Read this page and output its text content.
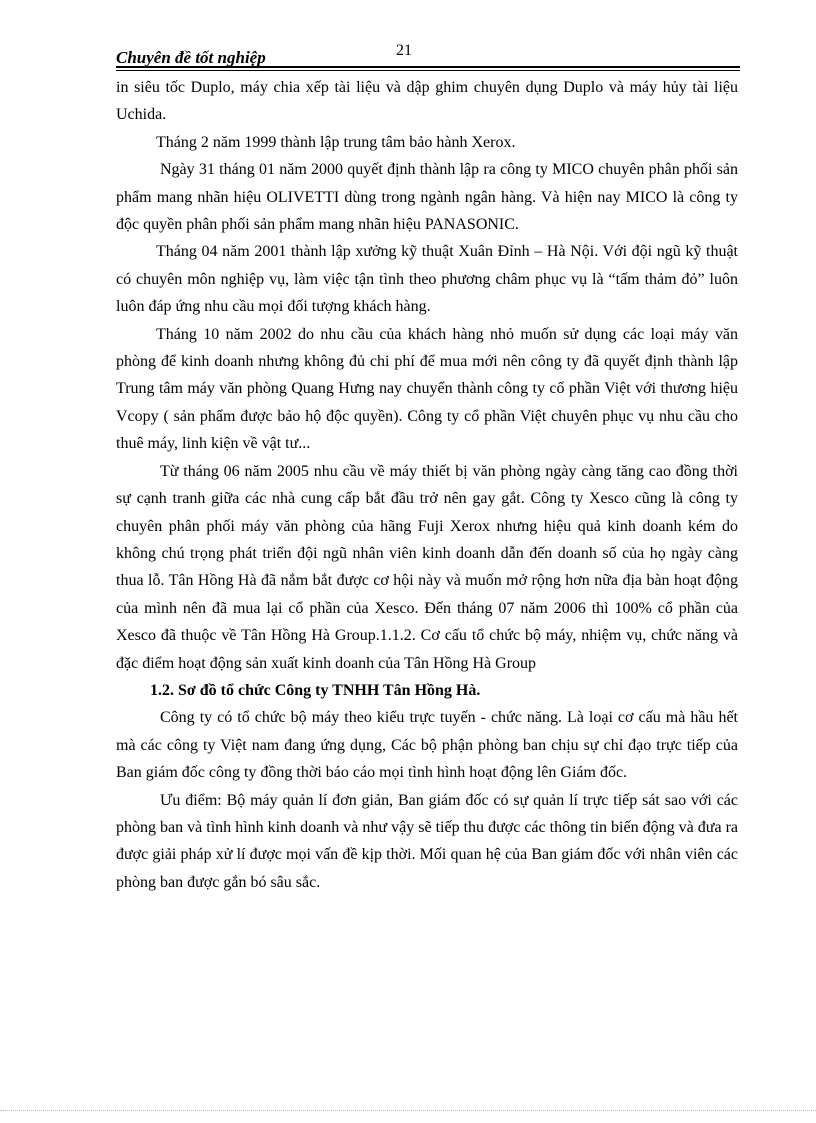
Chuyên đề tốt nghiệp	21

in siêu tốc Duplo, máy chia xếp tài liệu và dập ghim chuyên dụng Duplo và máy hủy tài liệu Uchida.

Tháng 2 năm 1999 thành lập trung tâm bảo hành Xerox.

Ngày 31 tháng 01 năm 2000 quyết định thành lập ra công ty MICO chuyên phân phối sản phẩm mang nhãn hiệu OLIVETTI dùng trong ngành ngân hàng. Và hiện nay MICO là công ty độc quyền phân phối sản phẩm mang nhãn hiệu PANASONIC.

Tháng 04 năm 2001 thành lập xưởng kỹ thuật Xuân Đỉnh – Hà Nội. Với đội ngũ kỹ thuật có chuyên môn nghiệp vụ, làm việc tận tình theo phương châm phục vụ là “tấm thảm đỏ” luôn luôn đáp ứng nhu cầu mọi đối tượng khách hàng.

Tháng 10 năm 2002 do nhu cầu của khách hàng nhỏ muốn sử dụng các loại máy văn phòng để kinh doanh nhưng không đủ chi phí để mua mới nên công ty đã quyết định thành lập Trung tâm máy văn phòng Quang Hưng nay chuyển thành công ty cổ phần Việt với thương hiệu Vcopy ( sản phẩm được bảo hộ độc quyền). Công ty cổ phần Việt chuyên phục vụ nhu cầu cho thuê máy, linh kiện về vật tư...

Từ tháng 06 năm 2005 nhu cầu về máy thiết bị văn phòng ngày càng tăng cao đồng thời sự cạnh tranh giữa các nhà cung cấp bắt đầu trở nên gay gắt. Công ty Xesco cũng là công ty chuyên phân phối máy văn phòng của hãng Fuji Xerox nhưng hiệu quả kinh doanh kém do không chú trọng phát triển đội ngũ nhân viên kinh doanh dẫn đến doanh số của họ ngày càng thua lỗ. Tân Hồng Hà đã nắm bắt được cơ hội này và muốn mở rộng hơn nữa địa bàn hoạt động của mình nên đã mua lại cổ phần của Xesco. Đến tháng 07 năm 2006 thì 100% cổ phần của Xesco đã thuộc về Tân Hồng Hà Group.1.1.2. Cơ cấu tổ chức bộ máy, nhiệm vụ, chức năng và đặc điểm hoạt động sản xuất kinh doanh của Tân Hồng Hà Group

1.2. Sơ đồ tổ chức Công ty TNHH Tân Hồng Hà.

Công ty có tổ chức bộ máy theo kiểu trực tuyến - chức năng. Là loại cơ cấu mà hầu hết mà các công ty Việt nam đang ứng dụng, Các bộ phận phòng ban chịu sự chỉ đạo trực tiếp của Ban giám đốc công ty đồng thời báo cáo mọi tình hình hoạt động lên Giám đốc.

Ưu điểm: Bộ máy quản lí đơn giản, Ban giám đốc có sự quản lí trực tiếp sát sao với các phòng ban và tình hình kinh doanh và như vậy sẽ tiếp thu được các thông tin biến động và đưa ra được giải pháp xử lí được mọi vấn đề kịp thời. Mối quan hệ của Ban giám đốc với nhân viên các phòng ban được gắn bó sâu sắc.
